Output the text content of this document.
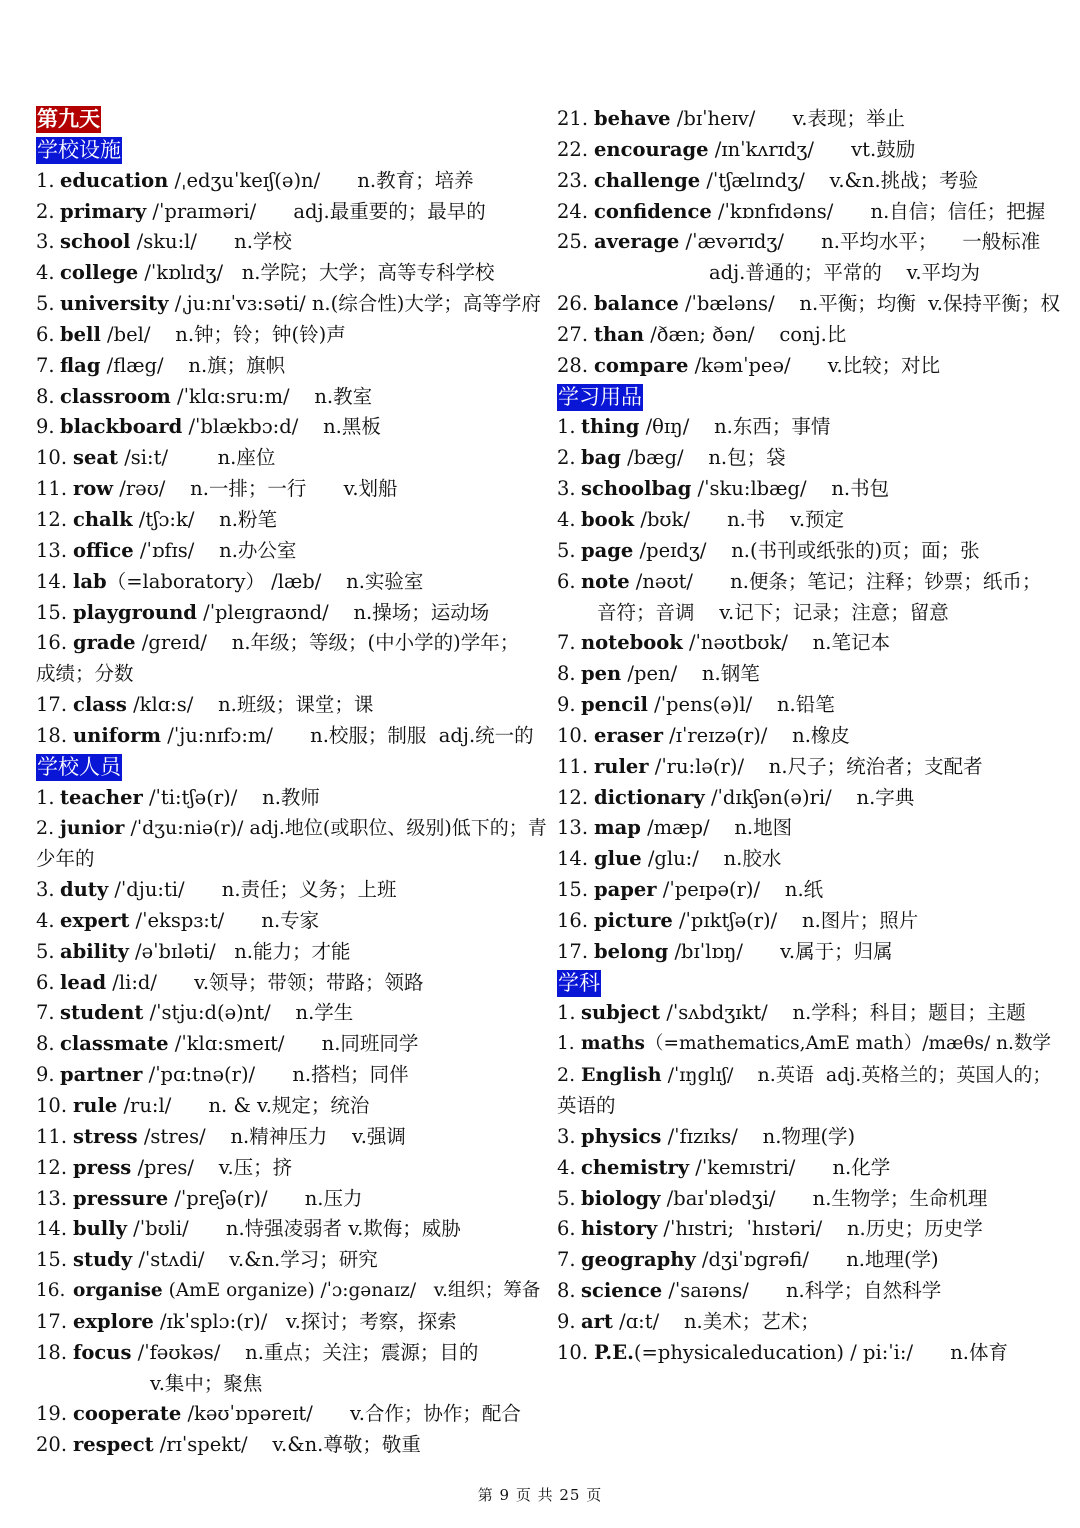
第九天
学校设施
1. education /ˌedʒuˈkeɪʃ(ə)n/      n.教育；培养
2. primary /ˈpraɪməri/      adj.最重要的；最早的
3. school /sku:l/      n.学校
4. college /ˈkɒlɪdʒ/   n.学院；大学；高等专科学校
5. university /ˌju:nɪˈvɜ:səti/ n.(综合性)大学；高等学府
6. bell /bel/    n.钟；铃；钟(铃)声
7. flag /flæg/    n.旗；旗帜
8. classroom /ˈklɑ:sru:m/    n.教室
9. blackboard /ˈblækbɔ:d/    n.黑板
10. seat /si:t/        n.座位
11. row /rəʊ/    n.一排；一行      v.划船
12. chalk /tʃɔ:k/    n.粉笔
13. office /ˈɒfɪs/    n.办公室
14. lab（=laboratory） /læb/    n.实验室
15. playground /ˈpleɪgraʊnd/    n.操场；运动场
16. grade /greɪd/    n.年级；等级；(中小学的)学年；
成绩；分数
17. class /klɑ:s/    n.班级；课堂；课
18. uniform /ˈju:nɪfɔ:m/      n.校服；制服  adj.统一的
学校人员
1. teacher /ˈti:tʃə(r)/    n.教师
2. junior /ˈdʒu:niə(r)/ adj.地位(或职位、级别)低下的；青
少年的
3. duty /ˈdju:ti/      n.责任；义务；上班
4. expert /ˈekspɜ:t/      n.专家
5. ability /əˈbɪləti/   n.能力；才能
6. lead /li:d/      v.领导；带领；带路；领路
7. student /ˈstju:d(ə)nt/    n.学生
8. classmate /ˈklɑ:smeɪt/      n.同班同学
9. partner /ˈpɑ:tnə(r)/      n.搭档；同伴
10. rule /ru:l/      n. & v.规定；统治
11. stress /stres/    n.精神压力    v.强调
12. press /pres/    v.压；挤
13. pressure /ˈpreʃə(r)/      n.压力
14. bully /ˈbʊli/      n.恃强凌弱者 v.欺侮；威胁
15. study /ˈstʌdi/    v.&n.学习；研究
16. organise (AmE organize) /ˈɔ:gənaɪz/   v.组织；筹备
17. explore /ɪkˈsplɔ:(r)/   v.探讨；考察，探索
18. focus /ˈfəʊkəs/    n.重点；关注；震源；目的
v.集中；聚焦
19. cooperate /kəʊˈɒpəreɪt/      v.合作；协作；配合
20. respect /rɪˈspekt/    v.&n.尊敬；敬重
21. behave /bɪˈheɪv/      v.表现；举止
22. encourage /ɪnˈkʌrɪdʒ/      vt.鼓励
23. challenge /ˈtʃælɪndʒ/    v.&n.挑战；考验
24. confidence /ˈkɒnfɪdəns/      n.自信；信任；把握
25. average /ˈævərɪdʒ/      n.平均水平；    一般标准
adj.普通的；平常的    v.平均为
26. balance /ˈbæləns/    n.平衡；均衡  v.保持平衡；权
27. than /ðæn; ðən/    conj.比
28. compare /kəmˈpeə/      v.比较；对比
学习用品
1. thing /θɪŋ/    n.东西；事情
2. bag /bæg/    n.包；袋
3. schoolbag /ˈsku:lbæg/    n.书包
4. book /bʊk/      n.书    v.预定
5. page /peɪdʒ/    n.(书刊或纸张的)页；面；张
6. note /nəʊt/      n.便条；笔记；注释；钞票；纸币；
音符；音调    v.记下；记录；注意；留意
7. notebook /ˈnəʊtbʊk/    n.笔记本
8. pen /pen/    n.钢笔
9. pencil /ˈpens(ə)l/    n.铅笔
10. eraser /ɪˈreɪzə(r)/    n.橡皮
11. ruler /ˈru:lə(r)/    n.尺子；统治者；支配者
12. dictionary /ˈdɪkʃən(ə)ri/    n.字典
13. map /mæp/    n.地图
14. glue /glu:/    n.胶水
15. paper /ˈpeɪpə(r)/    n.纸
16. picture /ˈpɪktʃə(r)/    n.图片；照片
17. belong /bɪˈlɒŋ/      v.属于；归属
学科
1. subject /ˈsʌbdʒɪkt/    n.学科；科目；题目；主题
1. maths（=mathematics,AmE math）/mæθs/ n.数学
2. English /ˈɪŋglɪʃ/    n.英语  adj.英格兰的；英国人的；
英语的
3. physics /ˈfɪzɪks/    n.物理(学)
4. chemistry /ˈkemɪstri/      n.化学
5. biology /baɪˈɒlədʒi/      n.生物学；生命机理
6. history /ˈhɪstri;  ˈhɪstəri/    n.历史；历史学
7. geography /dʒiˈɒgrəfi/      n.地理(学)
8. science /ˈsaɪəns/      n.科学；自然科学
9. art /ɑ:t/    n.美术；艺术；
10. P.E.(=physicaleducation) / pi:ˈi:/      n.体育
第 9 页 共 25 页
